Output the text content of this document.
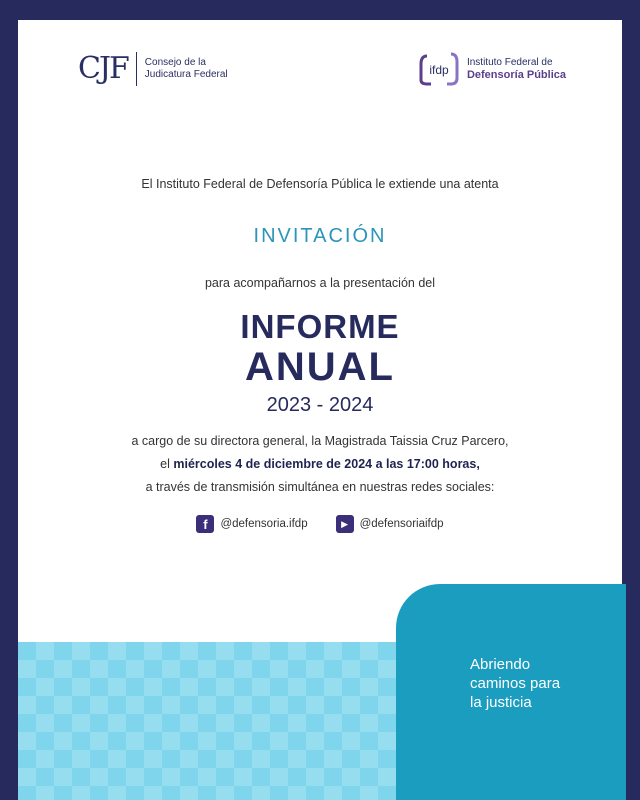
CJF Consejo de la
Judicatura Federal	ifdp
Instituto Federal de
Defensoría Pública
El Instituto Federal de Defensoría Pública le extiende una atenta
INVITACIÓN
para acompañarnos a la presentación del
INFORME
ANUAL
2023 - 2024
a cargo de su directora general, la Magistrada Taissia Cruz Parcero,
el miércoles 4 de diciembre de 2024 a las 17:00 horas,
a través de transmisión simultánea en nuestras redes sociales:
f	@defensoria.ifdp	▶	@defensoriaifdp
Abriendo
caminos para
la justicia
